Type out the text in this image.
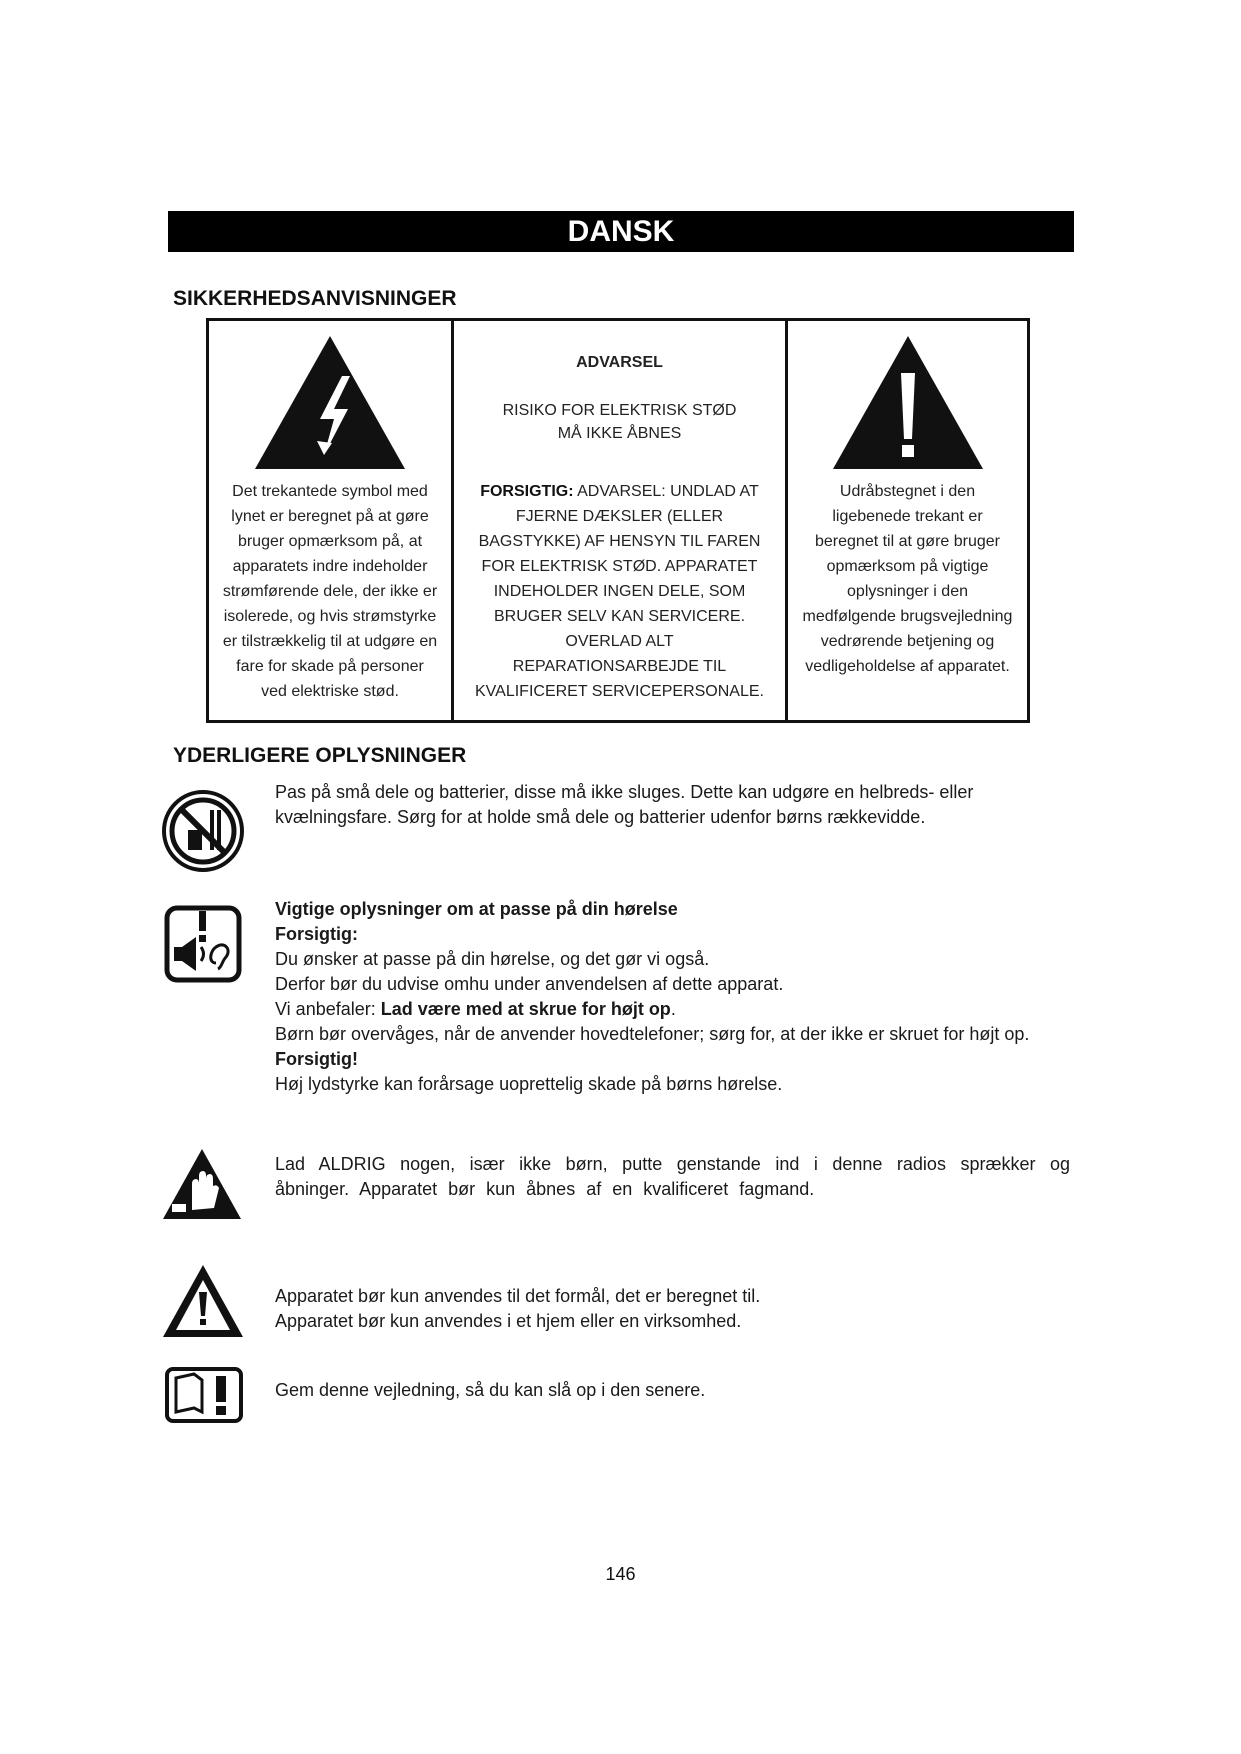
DANSK
SIKKERHEDSANVISNINGER
Det trekantede symbol med
lynet er beregnet på at gøre
bruger opmærksom på, at
apparatets indre indeholder
strømførende dele, der ikke er
isolerede, og hvis strømstyrke
er tilstrækkelig til at udgøre en
fare for skade på personer
ved elektriske stød.
ADVARSEL
RISIKO FOR ELEKTRISK STØD
MÅ IKKE ÅBNES
FORSIGTIG: ADVARSEL: UNDLAD AT
FJERNE DÆKSLER (ELLER
BAGSTYKKE) AF HENSYN TIL FAREN
FOR ELEKTRISK STØD. APPARATET
INDEHOLDER INGEN DELE, SOM
BRUGER SELV KAN SERVICERE.
OVERLAD ALT
REPARATIONSARBEJDE TIL
KVALIFICERET SERVICEPERSONALE.
Udråbstegnet i den
ligebenede trekant er
beregnet til at gøre bruger
opmærksom på vigtige
oplysninger i den
medfølgende brugsvejledning
vedrørende betjening og
vedligeholdelse af apparatet.
YDERLIGERE OPLYSNINGER
Pas på små dele og batterier, disse må ikke sluges. Dette kan udgøre en helbreds- eller kvælningsfare. Sørg for at holde små dele og batterier udenfor børns rækkevidde.

Vigtige oplysninger om at passe på din hørelse

Forsigtig:

Du ønsker at passe på din hørelse, og det gør vi også.

Derfor bør du udvise omhu under anvendelsen af dette apparat.

Vi anbefaler: Lad være med at skrue for højt op.

Børn bør overvåges, når de anvender hovedtelefoner; sørg for, at der ikke er skruet for højt op.

Forsigtig!

Høj lydstyrke kan forårsage uoprettelig skade på børns hørelse.

Lad ALDRIG nogen, især ikke børn, putte genstande ind i denne radios sprækker og åbninger. Apparatet bør kun åbnes af en kvalificeret fagmand.

Apparatet bør kun anvendes til det formål, det er beregnet til.

Apparatet bør kun anvendes i et hjem eller en virksomhed.

Gem denne vejledning, så du kan slå op i den senere.
146
